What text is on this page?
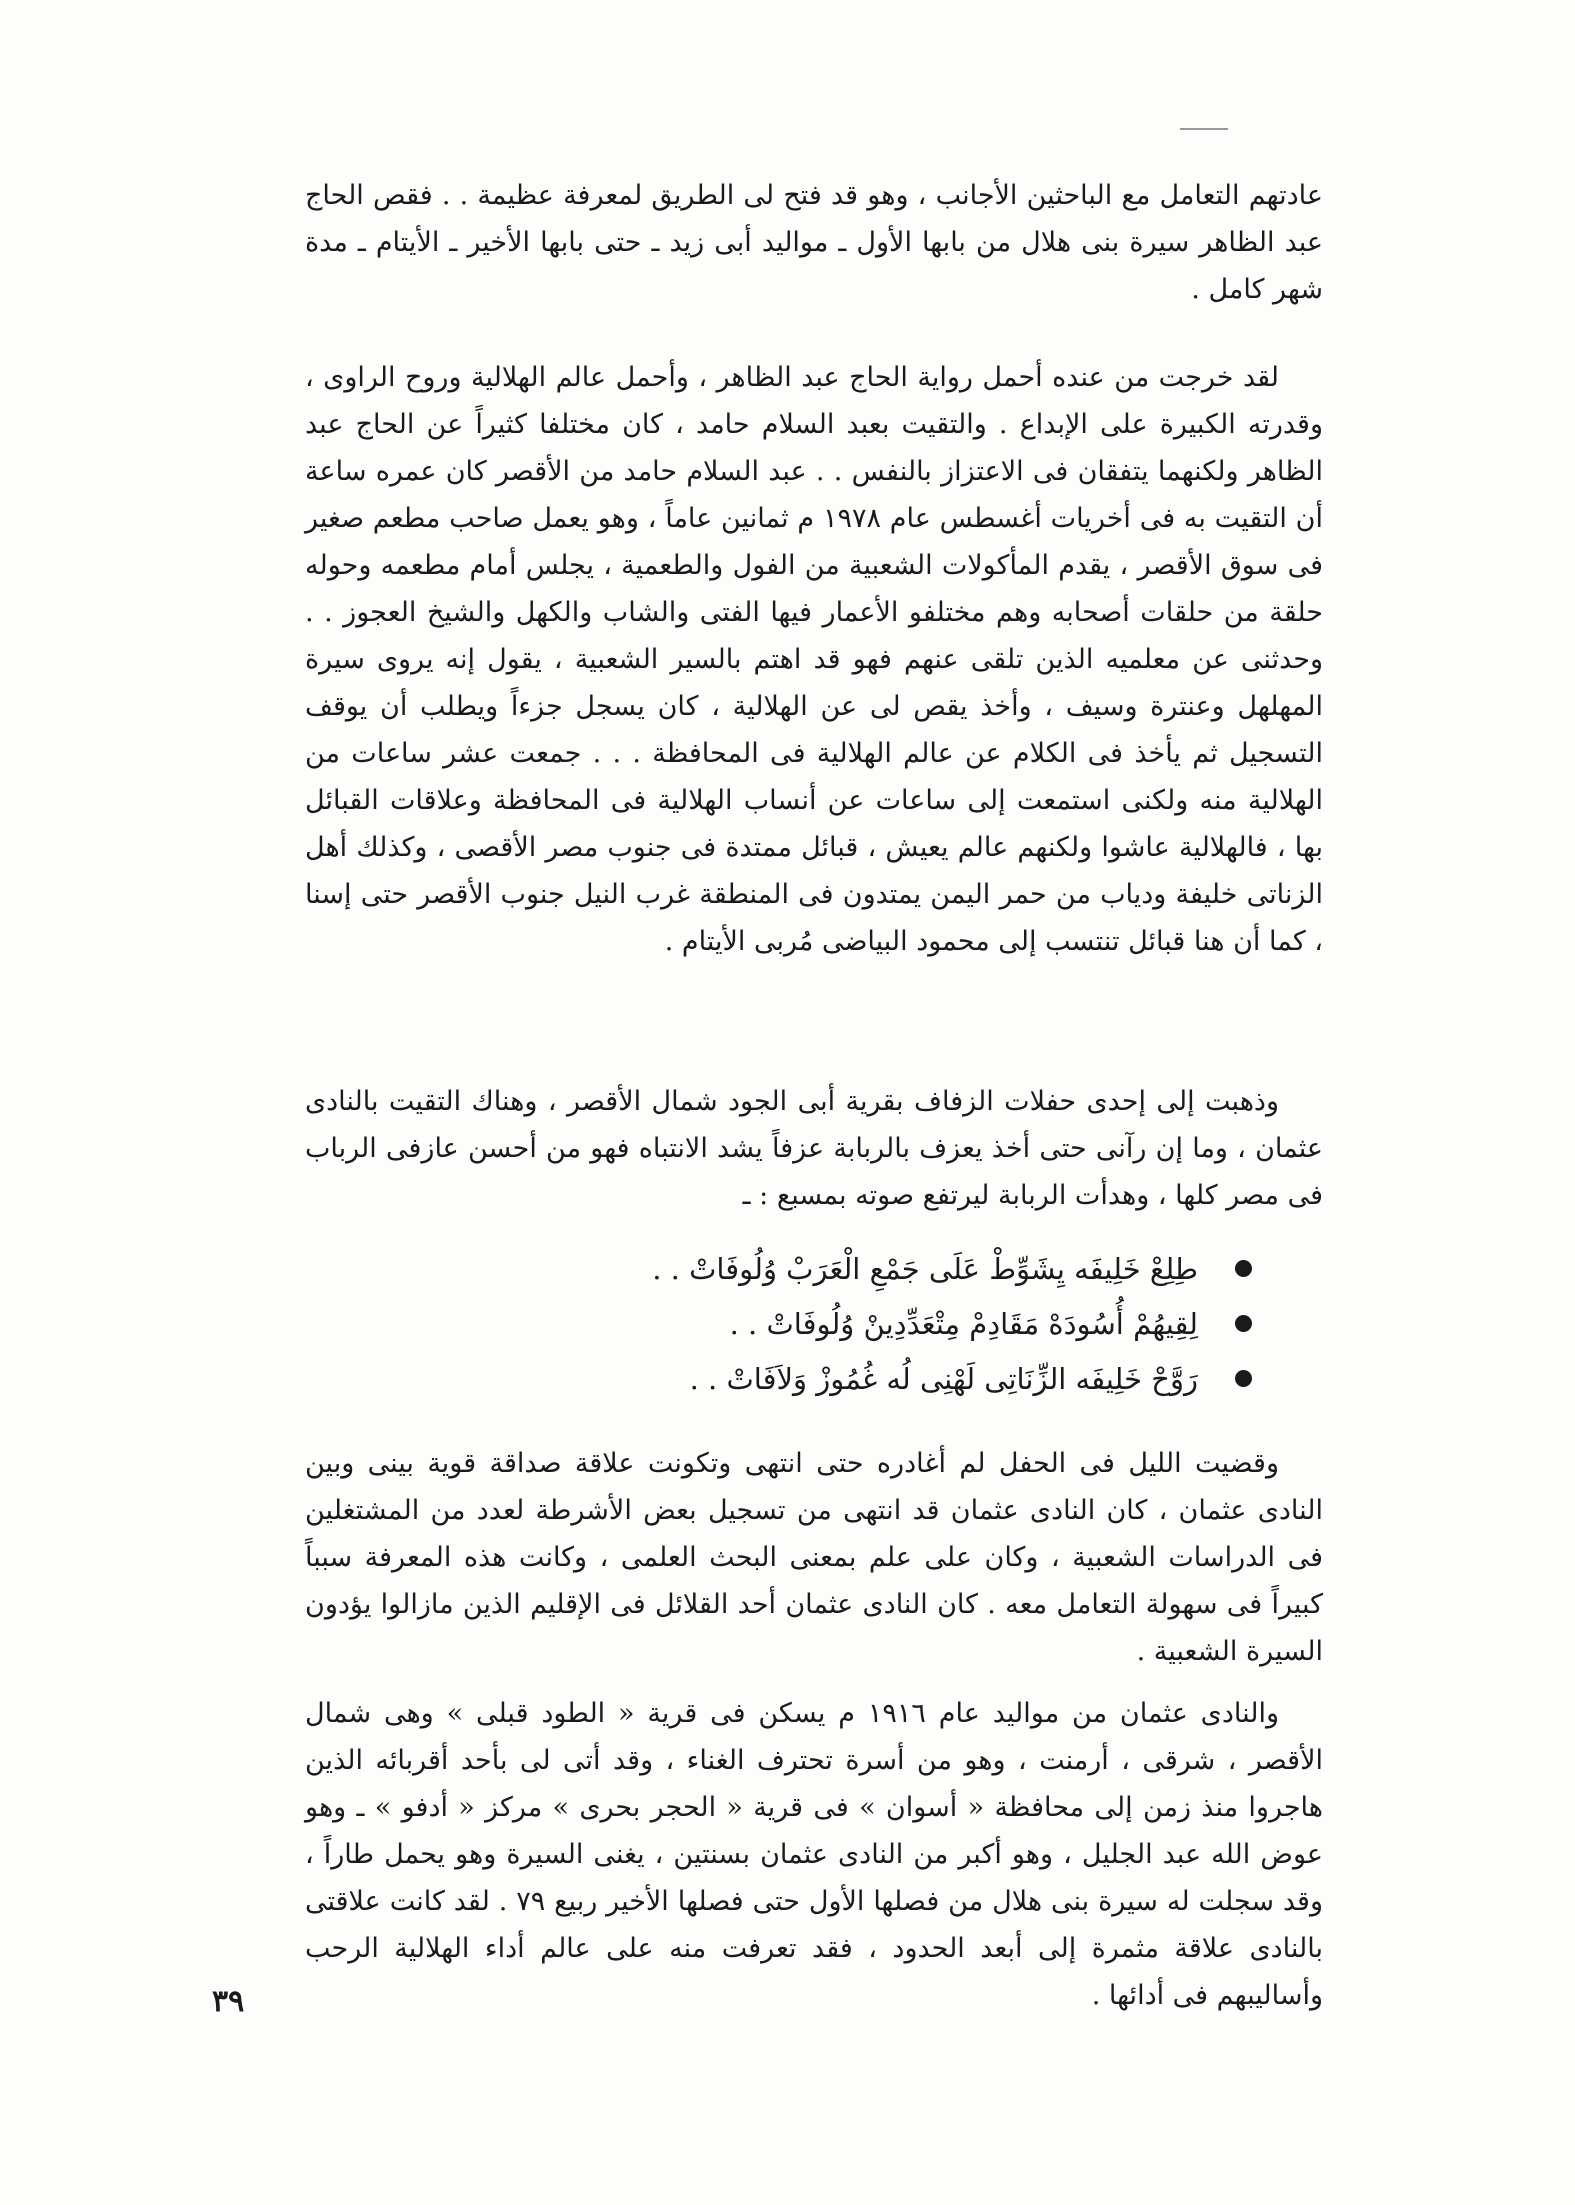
عادتهم التعامل مع الباحثين الأجانب ، وهو قد فتح لى الطريق لمعرفة عظيمة . . فقص الحاج عبد الظاهر سيرة بنى هلال من بابها الأول ـ مواليد أبى زيد ـ حتى بابها الأخير ـ الأيتام ـ مدة شهر كامل .

لقد خرجت من عنده أحمل رواية الحاج عبد الظاهر ، وأحمل عالم الهلالية وروح الراوى ، وقدرته الكبيرة على الإبداع . والتقيت بعبد السلام حامد ، كان مختلفا كثيراً عن الحاج عبد الظاهر ولكنهما يتفقان فى الاعتزاز بالنفس . . عبد السلام حامد من الأقصر كان عمره ساعة أن التقيت به فى أخريات أغسطس عام ١٩٧٨ م ثمانين عاماً ، وهو يعمل صاحب مطعم صغير فى سوق الأقصر ، يقدم المأكولات الشعبية من الفول والطعمية ، يجلس أمام مطعمه وحوله حلقة من حلقات أصحابه وهم مختلفو الأعمار فيها الفتى والشاب والكهل والشيخ العجوز . . وحدثنى عن معلميه الذين تلقى عنهم فهو قد اهتم بالسير الشعبية ، يقول إنه يروى سيرة المهلهل وعنترة وسيف ، وأخذ يقص لى عن الهلالية ، كان يسجل جزءاً ويطلب أن يوقف التسجيل ثم يأخذ فى الكلام عن عالم الهلالية فى المحافظة . . . جمعت عشر ساعات من الهلالية منه ولكنى استمعت إلى ساعات عن أنساب الهلالية فى المحافظة وعلاقات القبائل بها ، فالهلالية عاشوا ولكنهم عالم يعيش ، قبائل ممتدة فى جنوب مصر الأقصى ، وكذلك أهل الزناتى خليفة ودياب من حمر اليمن يمتدون فى المنطقة غرب النيل جنوب الأقصر حتى إسنا ، كما أن هنا قبائل تنتسب إلى محمود البياضى مُربى الأيتام .

وذهبت إلى إحدى حفلات الزفاف بقرية أبى الجود شمال الأقصر ، وهناك التقيت بالنادى عثمان ، وما إن رآنى حتى أخذ يعزف بالربابة عزفاً يشد الانتباه فهو من أحسن عازفى الرباب فى مصر كلها ، وهدأت الربابة ليرتفع صوته بمسبع : ـ

طِلِعْ خَلِيفَه يِشَوِّطْ عَلَى جَمْعِ الْعَرَبْ وُلُوفَاتْ . .
لِقِيهُمْ أُسُودَهْ مَقَادِمْ مِتْعَدِّدِينْ وُلُوفَاتْ . .
رَوَّحْ خَلِيفَه الزِّنَاتِى لَهْنِى لُه غُمُوزْ وَلاَفَاتْ . .

وقضيت الليل فى الحفل لم أغادره حتى انتهى وتكونت علاقة صداقة قوية بينى وبين النادى عثمان ، كان النادى عثمان قد انتهى من تسجيل بعض الأشرطة لعدد من المشتغلين فى الدراسات الشعبية ، وكان على علم بمعنى البحث العلمى ، وكانت هذه المعرفة سبباً كبيراً فى سهولة التعامل معه . كان النادى عثمان أحد القلائل فى الإقليم الذين مازالوا يؤدون السيرة الشعبية .

والنادى عثمان من مواليد عام ١٩١٦ م يسكن فى قرية « الطود قبلى » وهى شمال الأقصر ، شرقى ، أرمنت ، وهو من أسرة تحترف الغناء ، وقد أتى لى بأحد أقربائه الذين هاجروا منذ زمن إلى محافظة « أسوان » فى قرية « الحجر بحرى » مركز « أدفو » ـ وهو عوض الله عبد الجليل ، وهو أكبر من النادى عثمان بسنتين ، يغنى السيرة وهو يحمل طاراً ، وقد سجلت له سيرة بنى هلال من فصلها الأول حتى فصلها الأخير ربيع ٧٩ . لقد كانت علاقتى بالنادى علاقة مثمرة إلى أبعد الحدود ، فقد تعرفت منه على عالم أداء الهلالية الرحب وأساليبهم فى أدائها .

٣٩
